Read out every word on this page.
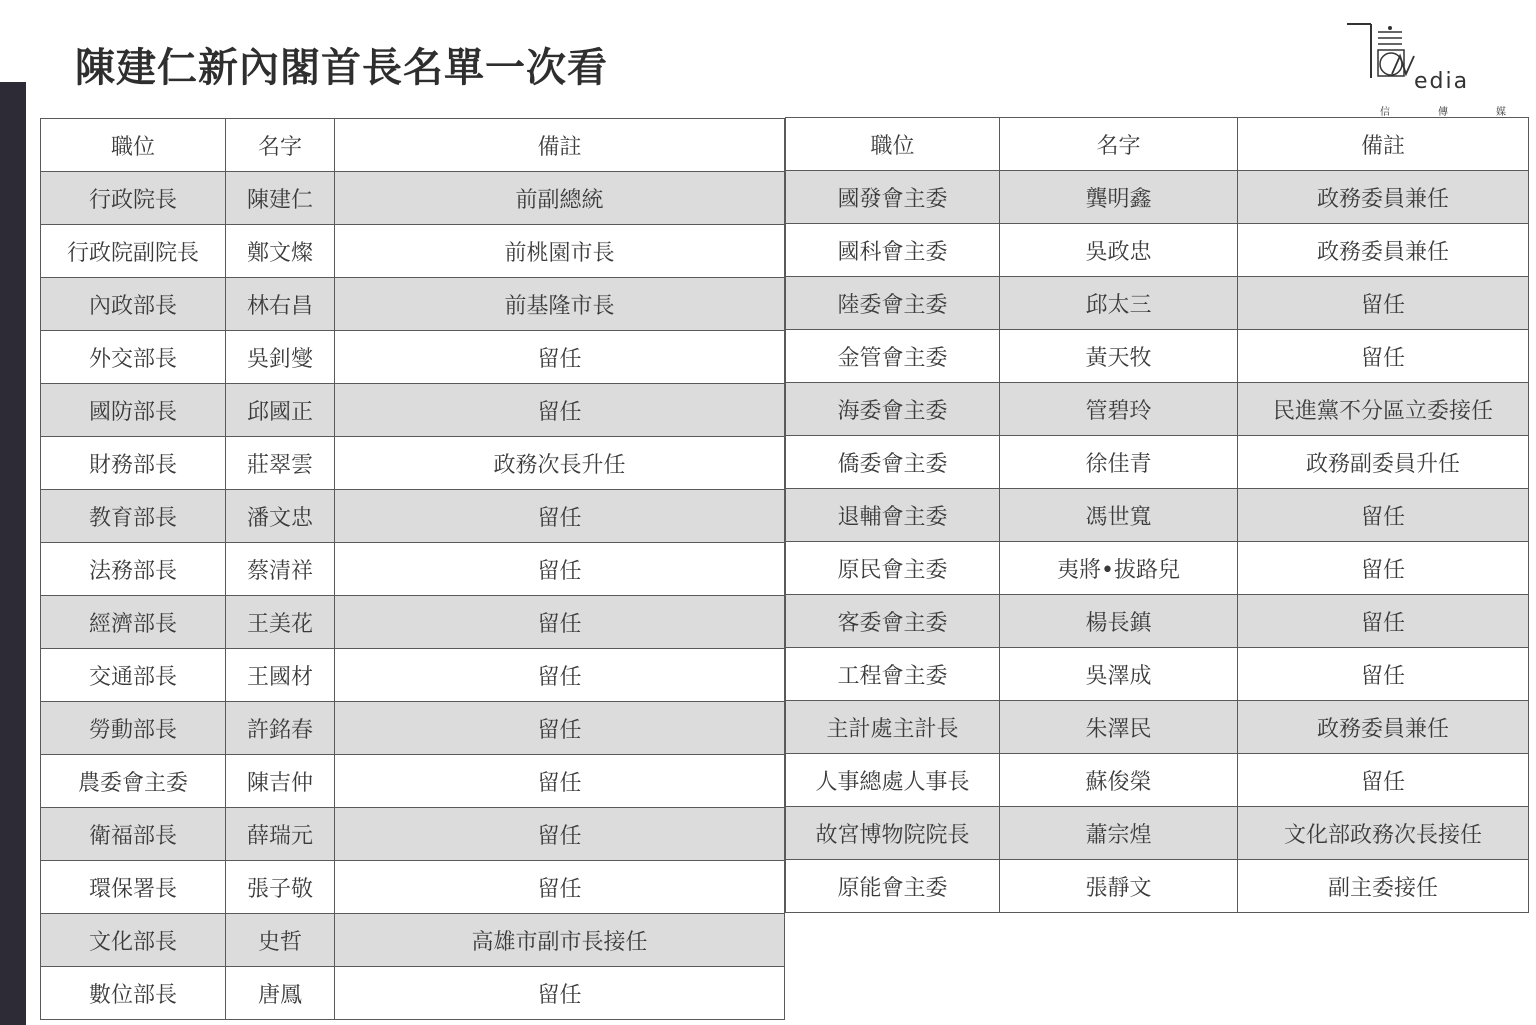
陳建仁新內閣首長名單一次看	edia
信	傳	媒
職位	名字	備註
行政院長	陳建仁	前副總統
行政院副院長	鄭文燦	前桃園市長
內政部長	林右昌	前基隆市長
外交部長	吳釗燮	留任
國防部長	邱國正	留任
財務部長	莊翠雲	政務次長升任
教育部長	潘文忠	留任
法務部長	蔡清祥	留任
經濟部長	王美花	留任
交通部長	王國材	留任
勞動部長	許銘春	留任
農委會主委	陳吉仲	留任
衛福部長	薛瑞元	留任
環保署長	張子敬	留任
文化部長	史哲	高雄市副市長接任
數位部長	唐鳳	留任
職位	名字	備註
國發會主委	龔明鑫	政務委員兼任
國科會主委	吳政忠	政務委員兼任
陸委會主委	邱太三	留任
金管會主委	黃天牧	留任
海委會主委	管碧玲	民進黨不分區立委接任
僑委會主委	徐佳青	政務副委員升任
退輔會主委	馮世寬	留任
原民會主委	夷將•拔路兒	留任
客委會主委	楊長鎮	留任
工程會主委	吳澤成	留任
主計處主計長	朱澤民	政務委員兼任
人事總處人事長	蘇俊榮	留任
故宮博物院院長	蕭宗煌	文化部政務次長接任
原能會主委	張靜文	副主委接任
